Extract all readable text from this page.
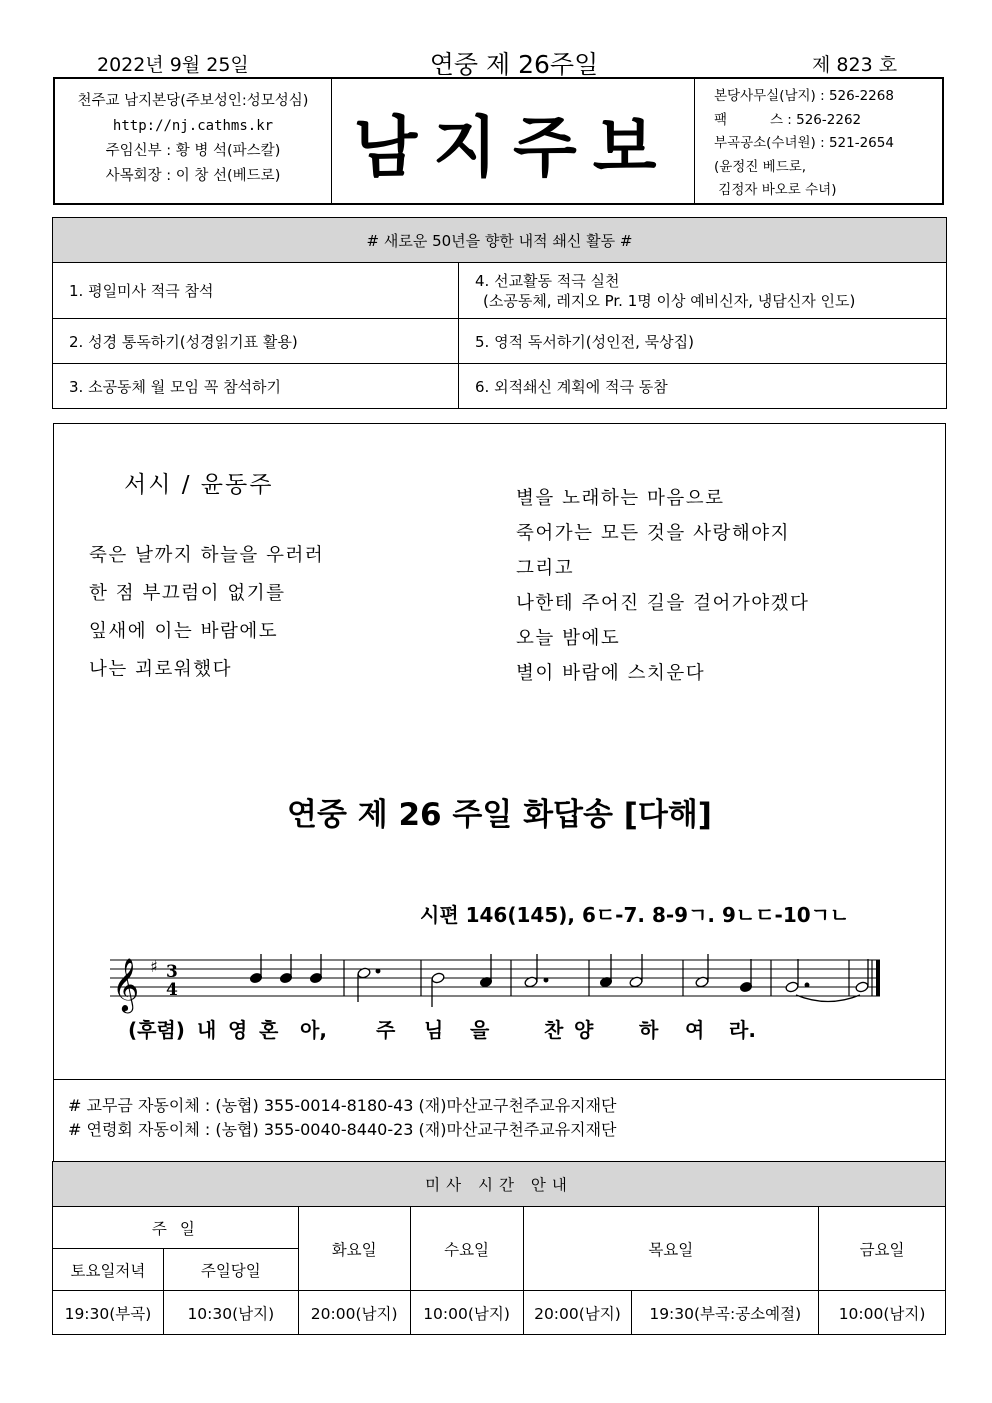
2022년 9월 25일	연중 제 26주일	제 823 호
천주교 남지본당(주보성인:성모성심)
http://nj.cathms.kr
주임신부 : 황 병 석(파스칼)
사목회장 : 이 창 선(베드로)	남지주보
본당사무실(남지) : 526-2268
팩          스 : 526-2262
부곡공소(수녀원) : 521-2654
(윤정진 베드로,
김정자 바오로 수녀)
# 새로운 50년을 향한 내적 쇄신 활동 #	
1. 평일미사 적극 참석	4. 선교활동 적극 실천
(소공동체, 레지오 Pr. 1명 이상 예비신자, 냉담신자 인도)

2. 성경 통독하기(성경읽기표 활용)	5. 영적 독서하기(성인전, 묵상집)
3. 소공동체 월 모임 꼭 참석하기	6. 외적쇄신 계획에 적극 동참
서시 / 윤동주
죽은 날까지 하늘을 우러러
한 점 부끄럼이 없기를
잎새에 이는 바람에도
나는 괴로워했다
별을 노래하는 마음으로
죽어가는 모든 것을 사랑해야지
그리고
나한테 주어진 길을 걸어가야겠다
오늘 밤에도
별이 바람에 스치운다
연중 제 26 주일 화답송 [다해]
시편 146(145), 6ㄷ-7. 8-9ㄱ. 9ㄴㄷ-10ㄱㄴ
𝄞 ♯ 3
4
(후렴) 내 영 혼 아, 주 님 을	찬 양 하 여 라.
# 교무금 자동이체 : (농협) 355-0014-8180-43 (재)마산교구천주교유지재단
# 연령회 자동이체 : (농협) 355-0040-8440-23 (재)마산교구천주교유지재단
미사 시간 안내						
주 일		화요일	수요일	목요일		금요일
토요일저녁	주일당일					
19:30(부곡)	10:30(남지)	20:00(남지)	10:00(남지)	20:00(남지)	19:30(부곡:공소예절)	10:00(남지)
